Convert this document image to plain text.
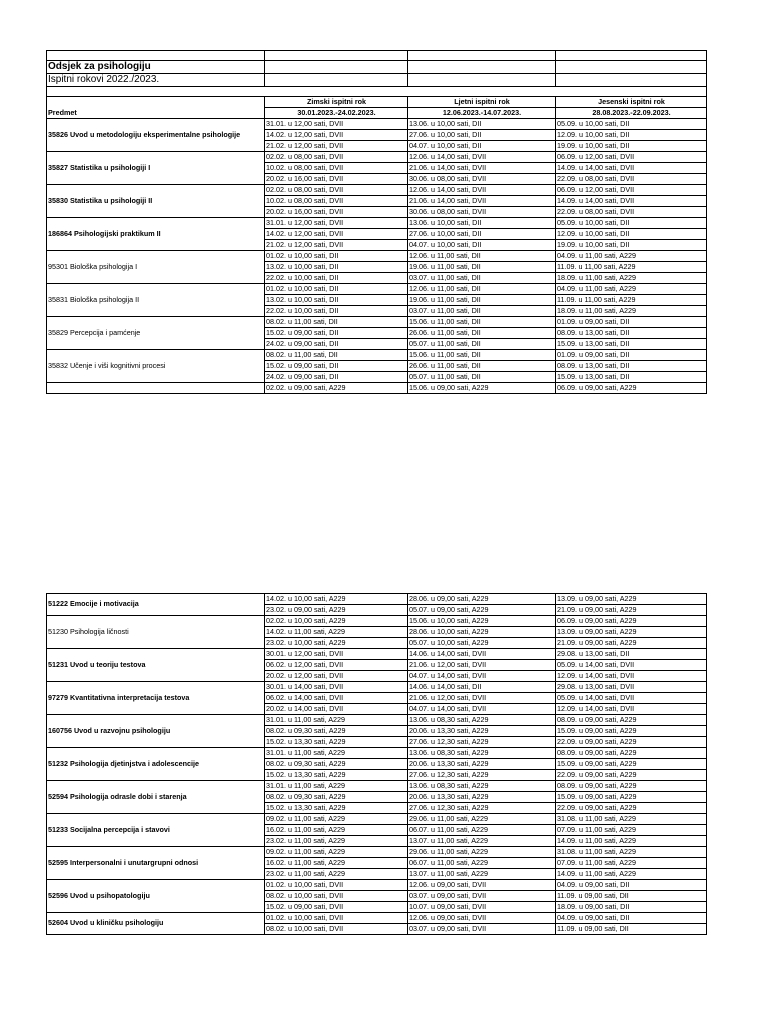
Odsjek za psihologiju			
Ispitni rokovi 2022./2023.			

	Zimski ispitni rok	Ljetni ispitni rok	Jesenski ispitni rok
Predmet	30.01.2023.-24.02.2023.	12.06.2023.-14.07.2023.	28.08.2023.-22.09.2023.
35826 Uvod u metodologiju eksperimentalne psihologije	31.01. u 12,00 sati, DVII	13.06. u 10,00 sati, DII	05.09. u 10,00 sati, DII
	14.02. u 12,00 sati, DVII	27.06. u 10,00 sati, DII	12.09. u 10,00 sati, DII
	21.02. u 12,00 sati, DVII	04.07. u 10,00 sati, DII	19.09. u 10,00 sati, DII
35827 Statistika u psihologiji I	02.02. u 08,00 sati, DVII	12.06. u 14,00 sati, DVII	06.09. u 12,00 sati, DVII
	10.02. u 08,00 sati, DVII	21.06. u 14,00 sati, DVII	14.09. u 14,00 sati, DVII
	20.02. u 16,00 sati, DVII	30.06. u 08,00 sati, DVII	22.09. u 08,00 sati, DVII
35830 Statistika u psihologiji II	02.02. u 08,00 sati, DVII	12.06. u 14,00 sati, DVII	06.09. u 12,00 sati, DVII
	10.02. u 08,00 sati, DVII	21.06. u 14,00 sati, DVII	14.09. u 14,00 sati, DVII
	20.02. u 16,00 sati, DVII	30.06. u 08,00 sati, DVII	22.09. u 08,00 sati, DVII
186864 Psihologijski praktikum II	31.01. u 12,00 sati, DVII	13.06. u 10,00 sati, DII	05.09. u 10,00 sati, DII
	14.02. u 12,00 sati, DVII	27.06. u 10,00 sati, DII	12.09. u 10,00 sati, DII
	21.02. u 12,00 sati, DVII	04.07. u 10,00 sati, DII	19.09. u 10,00 sati, DII
95301 Biološka psihologija I	01.02. u 10,00 sati, DII	12.06. u 11,00 sati, DII	04.09. u 11,00 sati, A229
	13.02. u 10,00 sati, DII	19.06. u 11,00 sati, DII	11.09. u 11,00 sati, A229
	22.02. u 10,00 sati, DII	03.07. u 11,00 sati, DII	18.09. u 11,00 sati, A229
35831 Biološka psihologija II	01.02. u 10,00 sati, DII	12.06. u 11,00 sati, DII	04.09. u 11,00 sati, A229
	13.02. u 10,00 sati, DII	19.06. u 11,00 sati, DII	11.09. u 11,00 sati, A229
	22.02. u 10,00 sati, DII	03.07. u 11,00 sati, DII	18.09. u 11,00 sati, A229
35829 Percepcija i pamćenje	08.02. u 11,00 sati, DII	15.06. u 11,00 sati, DII	01.09. u 09,00 sati, DII
	15.02. u 09,00 sati, DII	26.06. u 11,00 sati, DII	08.09. u 13,00 sati, DII
	24.02. u 09,00 sati, DII	05.07. u 11,00 sati, DII	15.09. u 13,00 sati, DII
35832 Učenje i viši kognitivni procesi	08.02. u 11,00 sati, DII	15.06. u 11,00 sati, DII	01.09. u 09,00 sati, DII
	15.02. u 09,00 sati, DII	26.06. u 11,00 sati, DII	08.09. u 13,00 sati, DII
	24.02. u 09,00 sati, DII	05.07. u 11,00 sati, DII	15.09. u 13,00 sati, DII
	02.02. u 09,00 sati, A229	15.06. u 09,00 sati, A229	06.09. u 09,00 sati, A229
51222 Emocije i motivacija	14.02. u 10,00 sati, A229	28.06. u 09,00 sati, A229	13.09. u 09,00 sati, A229
	23.02. u 09,00 sati, A229	05.07. u 09,00 sati, A229	21.09. u 09,00 sati, A229
51230 Psihologija ličnosti	02.02. u 10,00 sati, A229	15.06. u 10,00 sati, A229	06.09. u 09,00 sati, A229
	14.02. u 11,00 sati, A229	28.06. u 10,00 sati, A229	13.09. u 09,00 sati, A229
	23.02. u 10,00 sati, A229	05.07. u 10,00 sati, A229	21.09. u 09,00 sati, A229
51231 Uvod u teoriju testova	30.01. u 12,00 sati, DVII	14.06. u 14,00 sati, DVII	29.08. u 13,00 sati, DII
	06.02. u 12,00 sati, DVII	21.06. u 12,00 sati, DVII	05.09. u 14,00 sati, DVII
	20.02. u 12,00 sati, DVII	04.07. u 14,00 sati, DVII	12.09. u 14,00 sati, DVII
97279 Kvantitativna interpretacija testova	30.01. u 14,00 sati, DVII	14.06. u 14,00 sati, DII	29.08. u 13,00 sati, DVII
	06.02. u 14,00 sati, DVII	21.06. u 12,00 sati, DVII	05.09. u 14,00 sati, DVII
	20.02. u 14,00 sati, DVII	04.07. u 14,00 sati, DVII	12.09. u 14,00 sati, DVII
160756 Uvod u razvojnu psihologiju	31.01. u 11,00 sati, A229	13.06. u 08,30 sati, A229	08.09. u 09,00 sati, A229
	08.02. u 09,30 sati, A229	20.06. u 13,30 sati, A229	15.09. u 09,00 sati, A229
	15.02. u 13,30 sati, A229	27.06. u 12,30 sati, A229	22.09. u 09,00 sati, A229
51232 Psihologija djetinjstva i adolescencije	31.01. u 11,00 sati, A229	13.06. u 08,30 sati, A229	08.09. u 09,00 sati, A229
	08.02. u 09,30 sati, A229	20.06. u 13,30 sati, A229	15.09. u 09,00 sati, A229
	15.02. u 13,30 sati, A229	27.06. u 12,30 sati, A229	22.09. u 09,00 sati, A229
52594 Psihologija odrasle dobi i starenja	31.01. u 11,00 sati, A229	13.06. u 08,30 sati, A229	08.09. u 09,00 sati, A229
	08.02. u 09,30 sati, A229	20.06. u 13,30 sati, A229	15.09. u 09,00 sati, A229
	15.02. u 13,30 sati, A229	27.06. u 12,30 sati, A229	22.09. u 09,00 sati, A229
51233 Socijalna percepcija i stavovi	09.02. u 11,00 sati, A229	29.06. u 11,00 sati, A229	31.08. u 11,00 sati, A229
	16.02. u 11,00 sati, A229	06.07. u 11,00 sati, A229	07.09. u 11,00 sati, A229
	23.02. u 11,00 sati, A229	13.07. u 11,00 sati, A229	14.09. u 11,00 sati, A229
52595 Interpersonalni i unutargrupni odnosi	09.02. u 11,00 sati, A229	29.06. u 11,00 sati, A229	31.08. u 11,00 sati, A229
	16.02. u 11,00 sati, A229	06.07. u 11,00 sati, A229	07.09. u 11,00 sati, A229
	23.02. u 11,00 sati, A229	13.07. u 11,00 sati, A229	14.09. u 11,00 sati, A229
52596 Uvod u psihopatologiju	01.02. u 10,00 sati, DVII	12.06. u 09,00 sati, DVII	04.09. u 09,00 sati, DII
	08.02. u 10,00 sati, DVII	03.07. u 09,00 sati, DVII	11.09. u 09,00 sati, DII
	15.02. u 09,00 sati, DVII	10.07. u 09,00 sati, DVII	18.09. u 09,00 sati, DII
52604 Uvod u kliničku psihologiju	01.02. u 10,00 sati, DVII	12.06. u 09,00 sati, DVII	04.09. u 09,00 sati, DII
	08.02. u 10,00 sati, DVII	03.07. u 09,00 sati, DVII	11.09. u 09,00 sati, DII
